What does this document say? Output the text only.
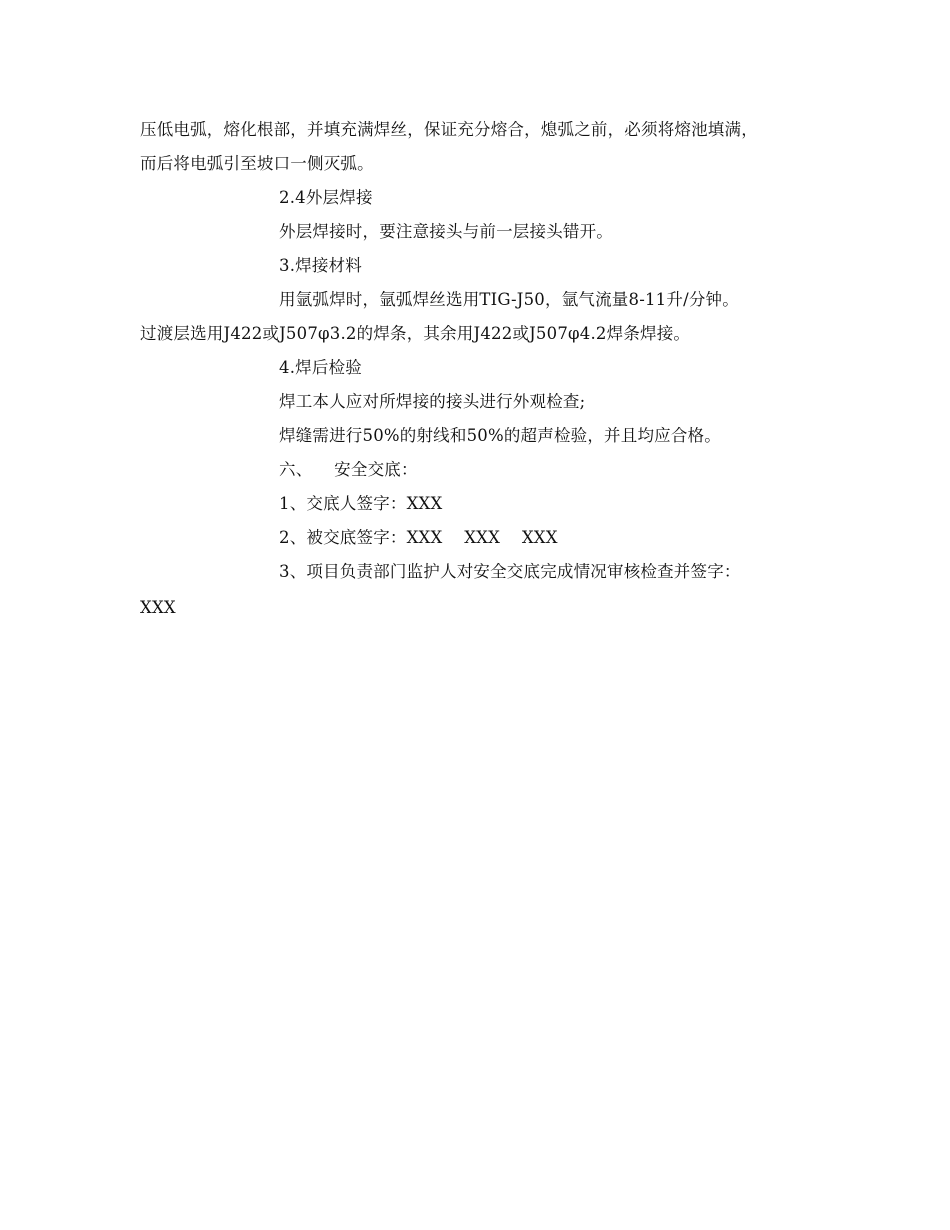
压低电弧，熔化根部，并填充满焊丝，保证充分熔合，熄弧之前，必须将熔池填满，
而后将电弧引至坡口一侧灭弧。
2.4外层焊接
外层焊接时，要注意接头与前一层接头错开。
3.焊接材料
用氩弧焊时，氩弧焊丝选用TIG-J50，氩气流量8-11升/分钟。
过渡层选用J422或J507φ3.2的焊条，其余用J422或J507φ4.2焊条焊接。
4.焊后检验
焊工本人应对所焊接的接头进行外观检查;
焊缝需进行50%的射线和50%的超声检验，并且均应合格。
六、    安全交底：
1、交底人签字：XXX
2、被交底签字：XXX    XXX    XXX
3、项目负责部门监护人对安全交底完成情况审核检查并签字：
XXX
